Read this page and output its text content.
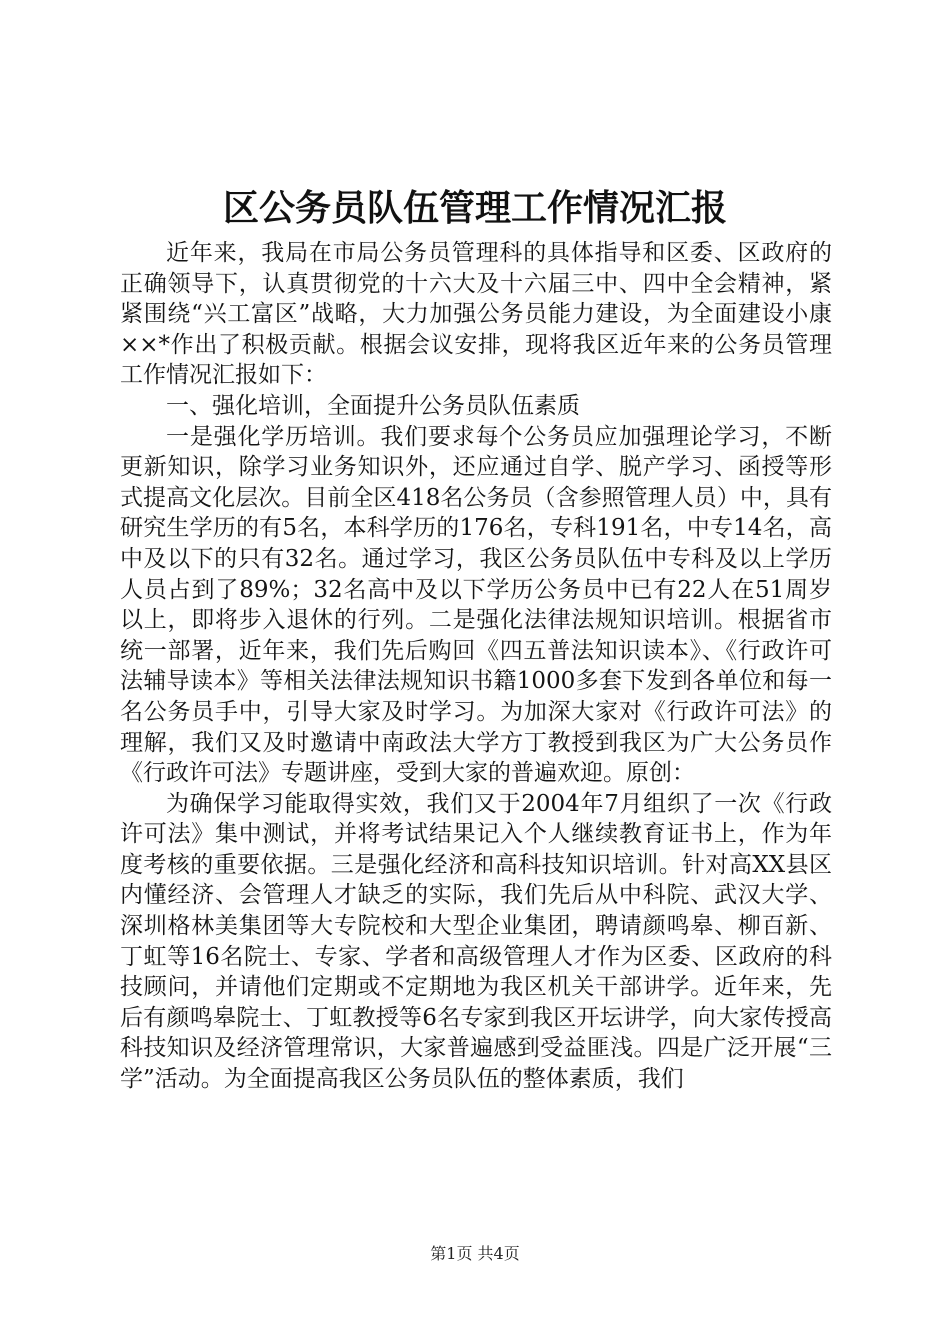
区公务员队伍管理工作情况汇报

近年来，我局在市局公务员管理科的具体指导和区委、区政府的正确领导下，认真贯彻党的十六大及十六届三中、四中全会精神，紧紧围绕“兴工富区”战略，大力加强公务员能力建设，为全面建设小康××*作出了积极贡献。根据会议安排，现将我区近年来的公务员管理工作情况汇报如下：

一、强化培训，全面提升公务员队伍素质

一是强化学历培训。我们要求每个公务员应加强理论学习，不断更新知识，除学习业务知识外，还应通过自学、脱产学习、函授等形式提高文化层次。目前全区418名公务员（含参照管理人员）中，具有研究生学历的有5名，本科学历的176名，专科191名，中专14名，高中及以下的只有32名。通过学习，我区公务员队伍中专科及以上学历人员占到了89%；32名高中及以下学历公务员中已有22人在51周岁以上，即将步入退休的行列。二是强化法律法规知识培训。根据省市统一部署，近年来，我们先后购回《四五普法知识读本》、《行政许可法辅导读本》等相关法律法规知识书籍1000多套下发到各单位和每一名公务员手中，引导大家及时学习。为加深大家对《行政许可法》的理解，我们又及时邀请中南政法大学方丁教授到我区为广大公务员作《行政许可法》专题讲座，受到大家的普遍欢迎。原创：

为确保学习能取得实效，我们又于2004年7月组织了一次《行政许可法》集中测试，并将考试结果记入个人继续教育证书上，作为年度考核的重要依据。三是强化经济和高科技知识培训。针对高XX县区内懂经济、会管理人才缺乏的实际，我们先后从中科院、武汉大学、深圳格林美集团等大专院校和大型企业集团，聘请颜鸣皋、柳百新、丁虹等16名院士、专家、学者和高级管理人才作为区委、区政府的科技顾问，并请他们定期或不定期地为我区机关干部讲学。近年来，先后有颜鸣皋院士、丁虹教授等6名专家到我区开坛讲学，向大家传授高科技知识及经济管理常识，大家普遍感到受益匪浅。四是广泛开展“三学”活动。为全面提高我区公务员队伍的整体素质，我们

第1页 共4页
